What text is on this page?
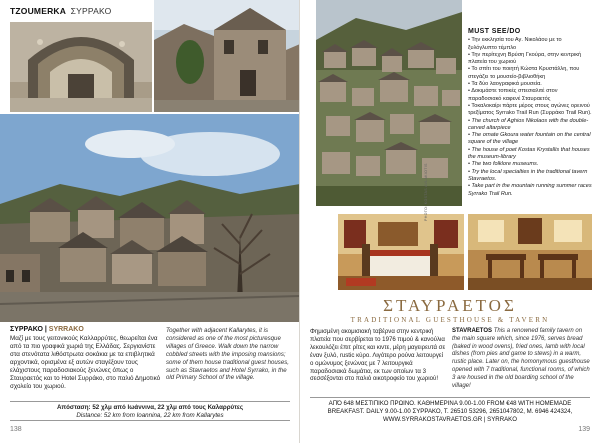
TZOUMERKA ΣΥΡΡΑΚΟ
ΣΥΡΡΑΚΟ | SYRRAKO
Μαζί με τους γειτονικούς Καλλαρρύτες, θεωρείται ένα από τα πιο γραφικά χωριά της Ελλάδας. Σεργιανίστε στα στενότατα λιθόστρωτα σοκάκια με τα επιβλητικά αρχοντικά, ορισμένα εξ αυτών σταγέξουν τους ελάχιστους παραδοσιακούς ξενώνες όπως ο Σταυραετός και το Hotel Συρράκο, στο παλιό Δημοτικό σχολείο του χωριού.
Together with adjacent Kallarytes, it is considered as one of the most picturesque villages of Greece. Walk down the narrow cobbled streets with the imposing mansions; some of them house traditional guest houses, such as Stavraetos and Hotel Syrrako, in the old Primary School of the village.
Απόσταση: 52 χλμ από Ιωάννινα, 22 χλμ από τους Καλαρρύτες
Distance: 52 km from Ioannina, 22 km from Kallarytes
138
MUST SEE/DO
• Την εκκλησία του Αγ. Νικολάου με το ξυλόγλυπτο τέμπλο
• Την περίτεχνη Βρύση Γκούρα, στην κεντρική πλατεία του χωριού
• Το σπίτι του ποιητή Κώστα Κρυστάλλη, που στεγάζει το μουσείο-βιβλιοθήκη
• Τα δύο λαογραφικά μουσεία.
• Δοκιμάστε τοπικές σπεσιαλιτέ στον παραδοσιακό καφενέ Σταυραετός
• Τοκαλοκαίρι πάρτε μέρος στους αγώνες ορεινού τρεξίματος Syrrako Trail Run (Συρράκο Trail Run).
• The church of Aghios Nikolaos with the double-carved altarpiece
• The ornate Gkoura water fountain on the central square of the village
• The house of poet Kostas Krystallis that houses the museum-library
• The two folklore museums.
• Try the local specialties in the traditional tavern Stavraetos.
• Take part in the mountain running summer races Syrrako Trail Run.
PHOTO: KOSTAS AVLAKIOTIS
ΣΤΑΥΡΑΕΤΟΣ
TRADITIONAL GUESTHOUSE & TAVERN
Φημισμένη ακομισιακή ταβέρνα στην κεντρική πλατεία που σερβίρεται το 1976 πιμού & κανούλια λεκουλόζει έπιτ ρίτες και κιντε, μέρη μαγειρευτά σε έναν ξυλό, rustic κύρο. Λιγότερο ρούνα λειτουργεί ο ομώνυμος ξενώνας με 7 λειτουργικά παραδοσιακά δωμάτια, εκ των οποίων τα 3 σεσσέξονται στο παλιό οικοτροφείο του χωριού!
STAVRAETOS This a renowned family tavern on the main square which, since 1976, serves bread (baked in wood ovens), fried ones, lamb with local dishes (from pies and game to stews) in a warm, rustic place. Later on, the homonymous guesthouse opened with 7 traditional, functional rooms, of which 3 are housed in the old boarding school of the village!
ΑΠΌ 648 ΜΕΣΤΙΠΙΚΟ ΠΡΩΙΝΟ. ΚΑΘΗΜΕΡΙΝΑ 9.00-1.00 FROM €48 WITH HOMEMADE
BREAKFAST. DAILY 9.00-1.00 ΣΥΡΡΑΚΟ, Τ. 26510 53296, 2651047802, Μ. 6946 424324,
WWW.SYRRAKOSTAVRAETOS.GR | SYRRAKO
139
